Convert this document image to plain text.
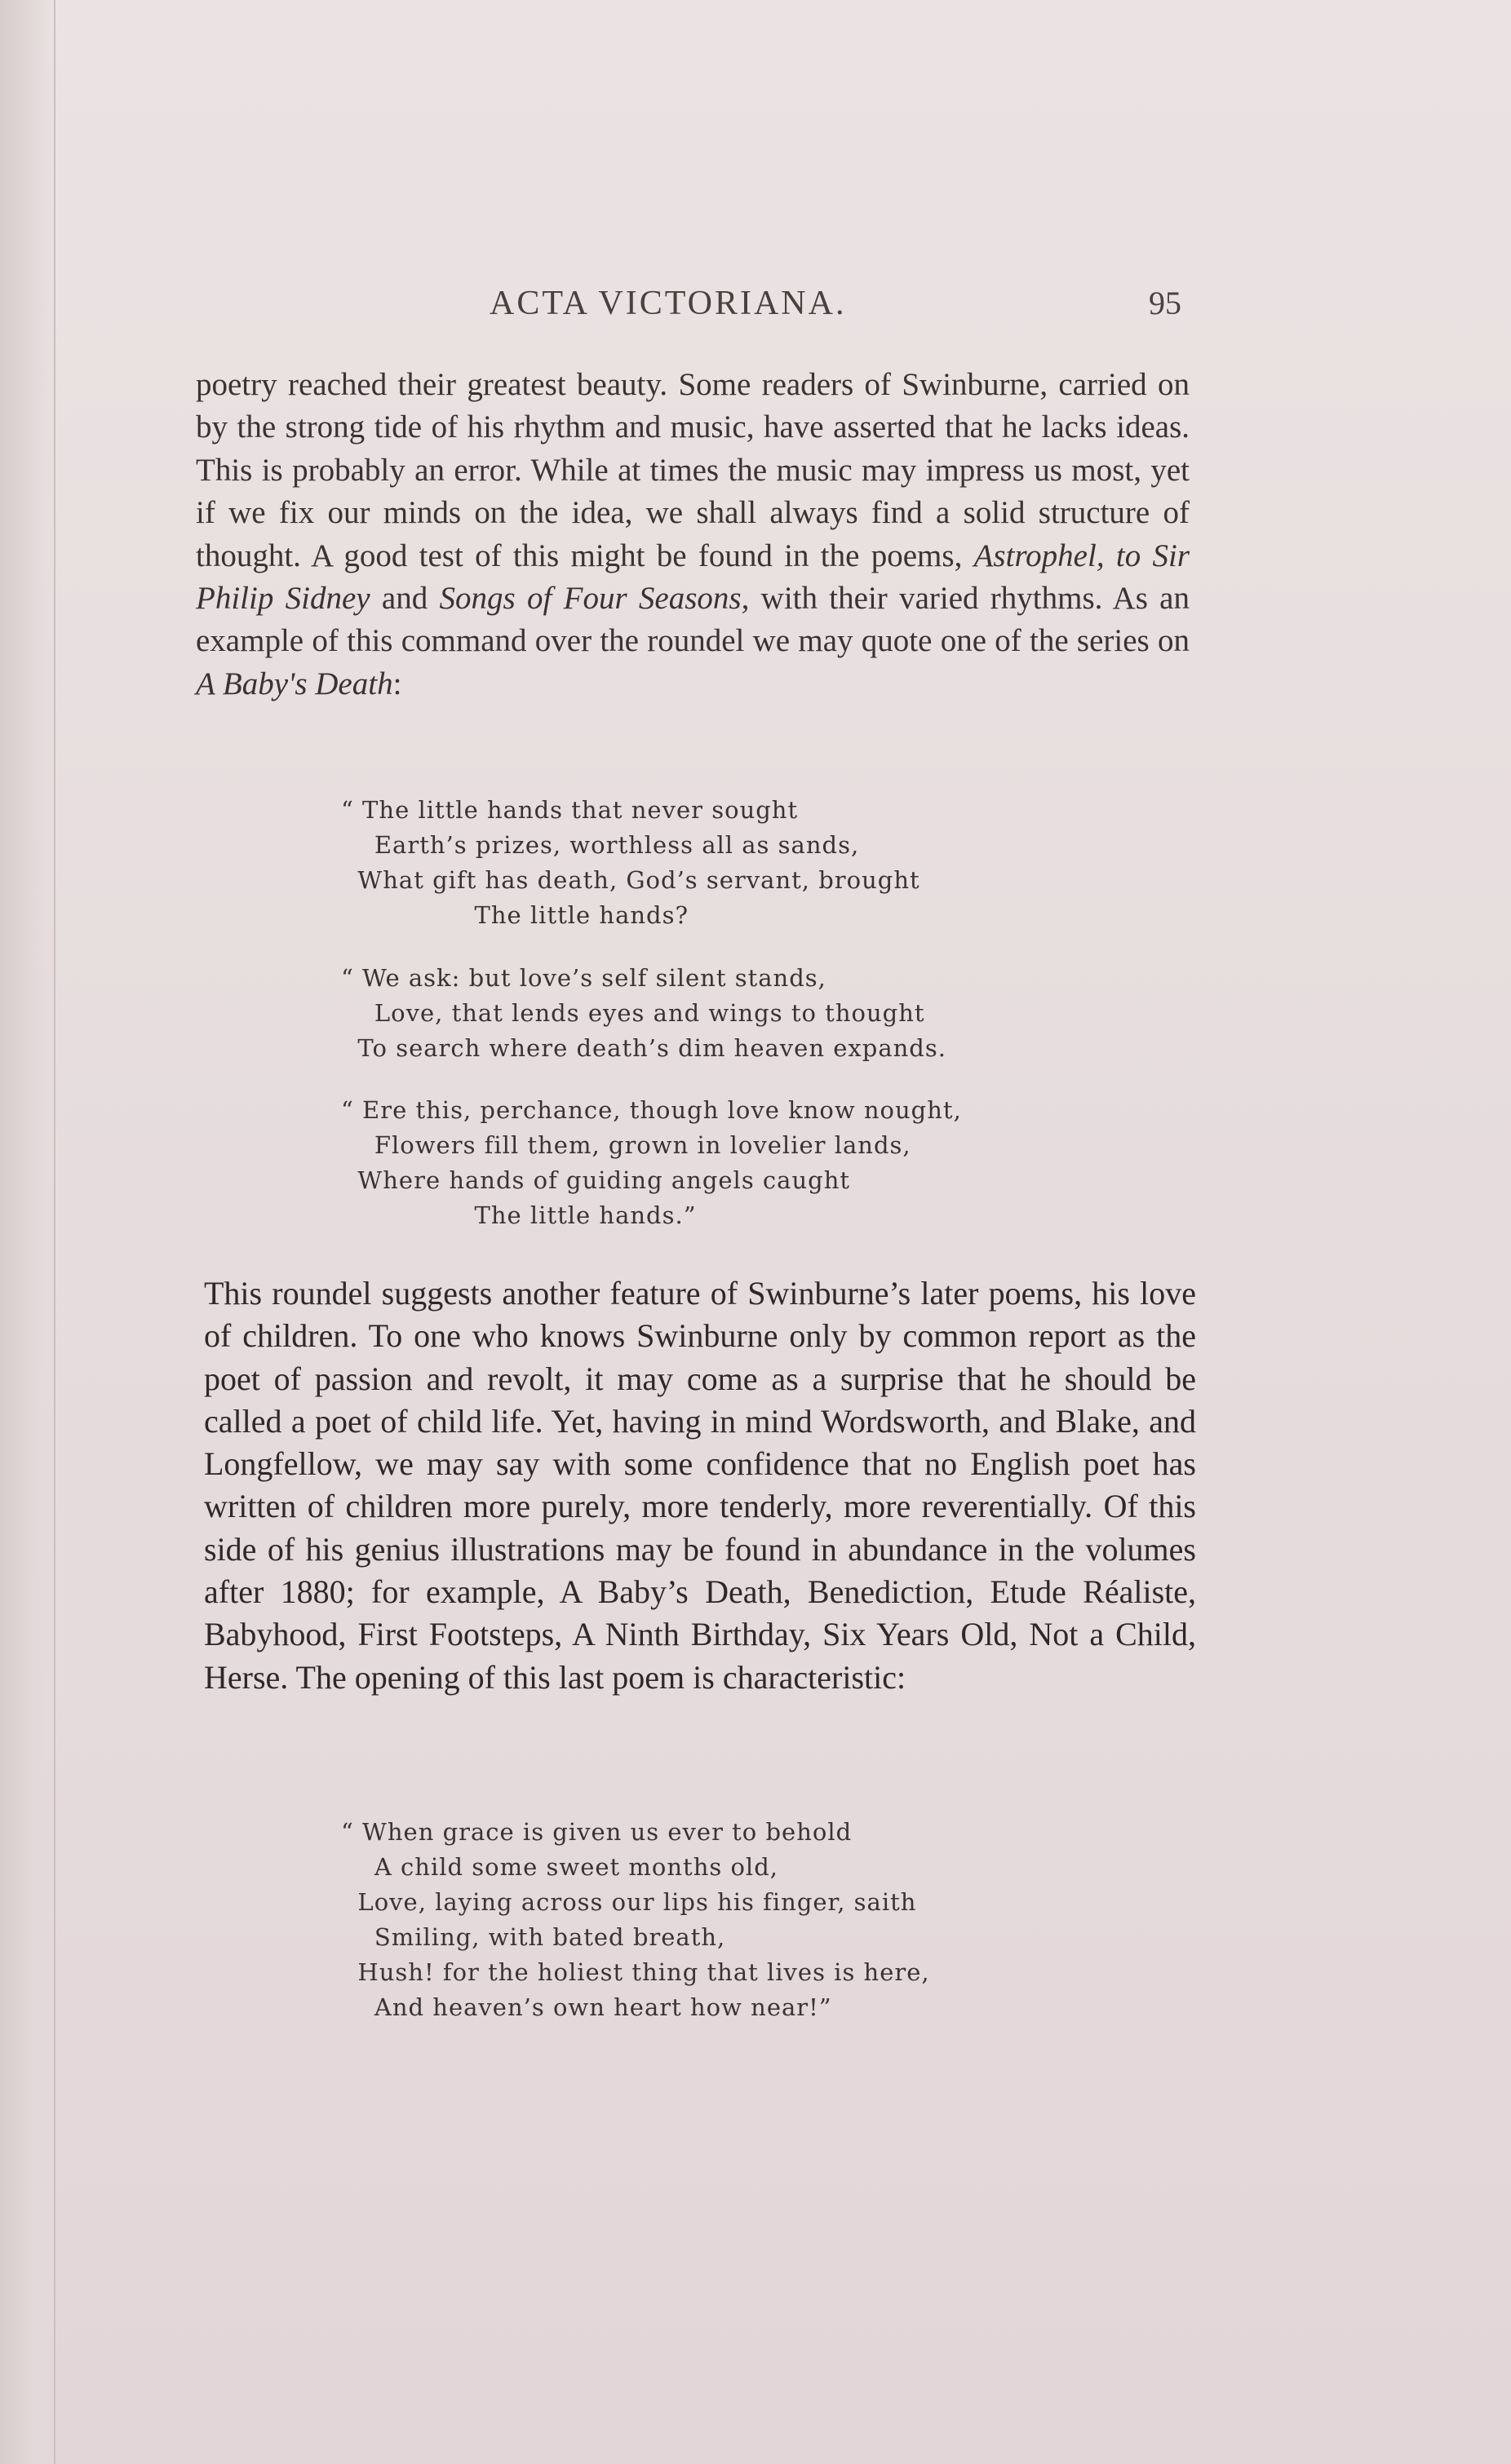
ACTA VICTORIANA.	95

poetry reached their greatest beauty. Some readers of Swinburne, carried on by the strong tide of his rhythm and music, have asserted that he lacks ideas. This is probably an error. While at times the music may impress us most, yet if we fix our minds on the idea, we shall always find a solid structure of thought. A good test of this might be found in the poems, Astrophel, to Sir Philip Sidney and Songs of Four Seasons, with their varied rhythms. As an example of this command over the roundel we may quote one of the series on A Baby's Death:

“ The little hands that never sought
Earth’s prizes, worthless all as sands,
What gift has death, God’s servant, brought
The little hands?
“ We ask: but love’s self silent stands,
Love, that lends eyes and wings to thought
To search where death’s dim heaven expands.
“ Ere this, perchance, though love know nought,
Flowers fill them, grown in lovelier lands,
Where hands of guiding angels caught
The little hands.”

This roundel suggests another feature of Swinburne’s later poems, his love of children. To one who knows Swinburne only by common report as the poet of passion and revolt, it may come as a surprise that he should be called a poet of child life. Yet, having in mind Wordsworth, and Blake, and Longfellow, we may say with some confidence that no English poet has written of children more purely, more tenderly, more reverentially. Of this side of his genius illustrations may be found in abundance in the volumes after 1880; for example, A Baby’s Death, Benediction, Etude Réaliste, Babyhood, First Footsteps, A Ninth Birthday, Six Years Old, Not a Child, Herse. The opening of this last poem is characteristic:

“ When grace is given us ever to behold
A child some sweet months old,
Love, laying across our lips his finger, saith
Smiling, with bated breath,
Hush! for the holiest thing that lives is here,
And heaven’s own heart how near!”
